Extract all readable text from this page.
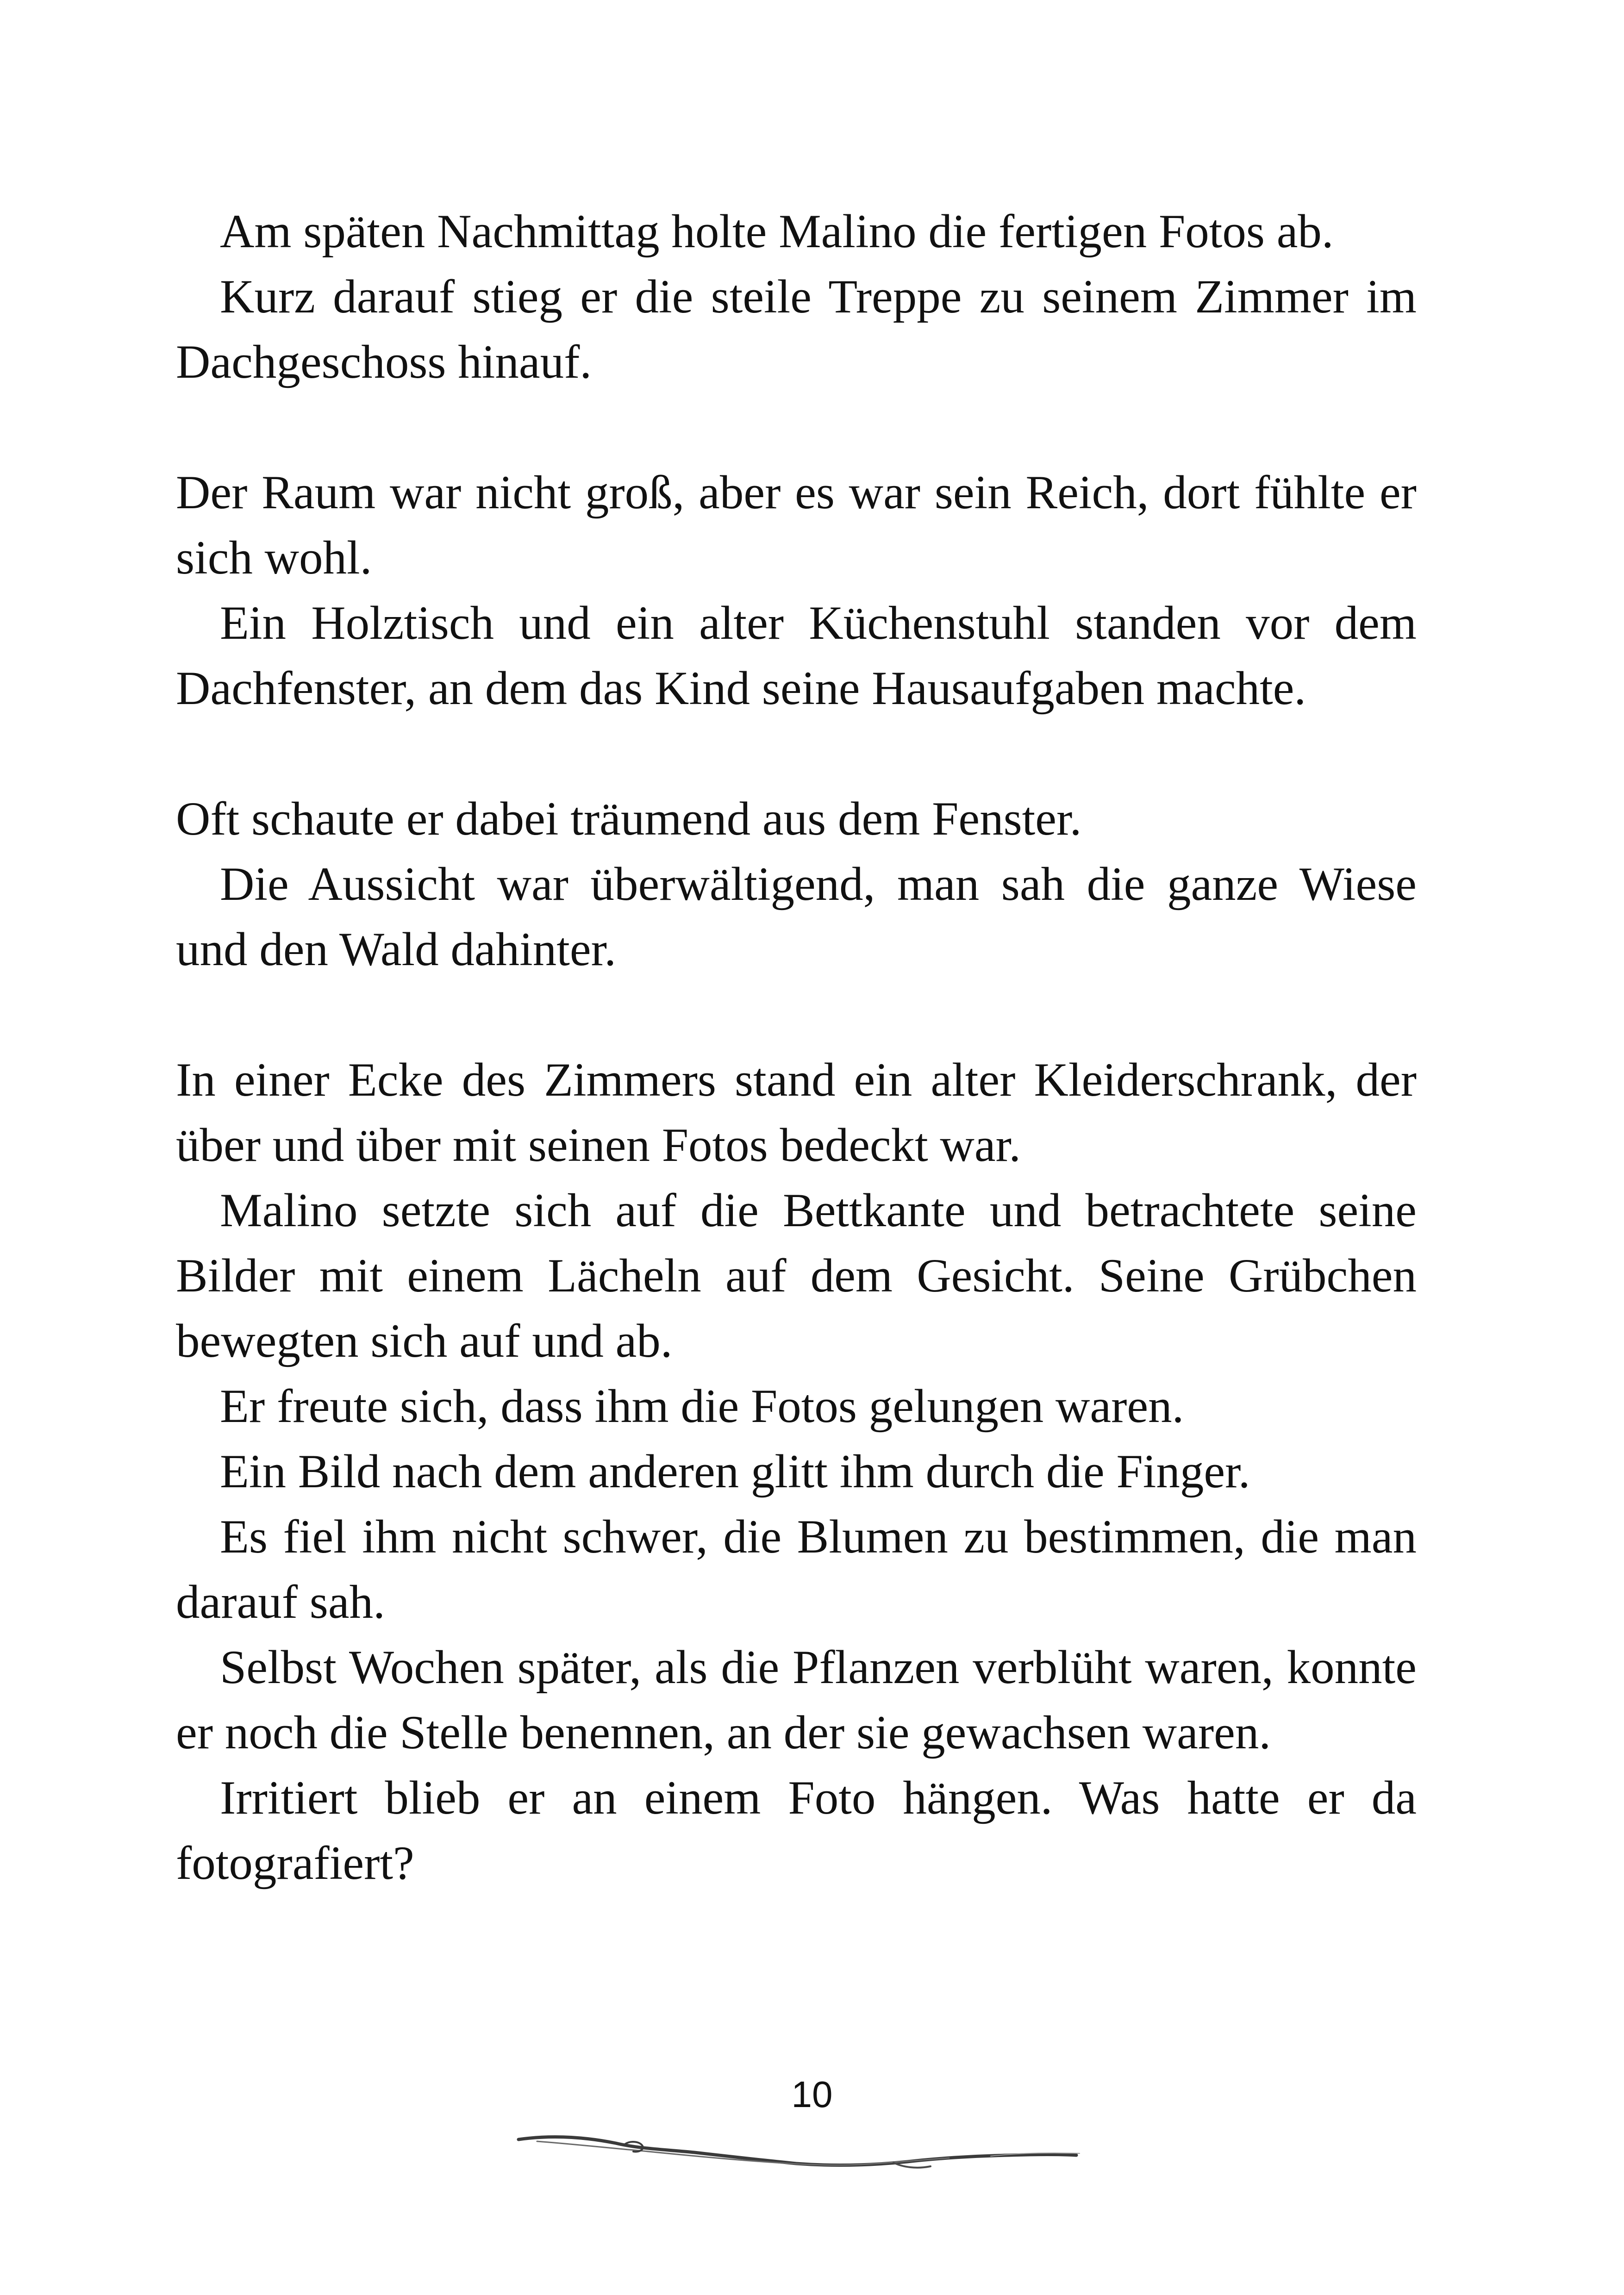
Am späten Nachmittag holte Malino die fertigen Fotos ab.

Kurz darauf stieg er die steile Treppe zu seinem Zimmer im Dachgeschoss hinauf.

Der Raum war nicht groß, aber es war sein Reich, dort fühlte er sich wohl.

Ein Holztisch und ein alter Küchenstuhl standen vor dem Dachfenster, an dem das Kind seine Hausaufgaben machte.

Oft schaute er dabei träumend aus dem Fenster.

Die Aussicht war überwältigend, man sah die ganze Wiese und den Wald dahinter.

In einer Ecke des Zimmers stand ein alter Kleiderschrank, der über und über mit seinen Fotos bedeckt war.

Malino setzte sich auf die Bettkante und betrachtete seine Bilder mit einem Lächeln auf dem Gesicht. Seine Grübchen bewegten sich auf und ab.

Er freute sich, dass ihm die Fotos gelungen waren.

Ein Bild nach dem anderen glitt ihm durch die Finger.

Es fiel ihm nicht schwer, die Blumen zu bestimmen, die man darauf sah.

Selbst Wochen später, als die Pflanzen verblüht waren, konnte er noch die Stelle benennen, an der sie gewachsen waren.

Irritiert blieb er an einem Foto hängen. Was hatte er da fotografiert?

10
